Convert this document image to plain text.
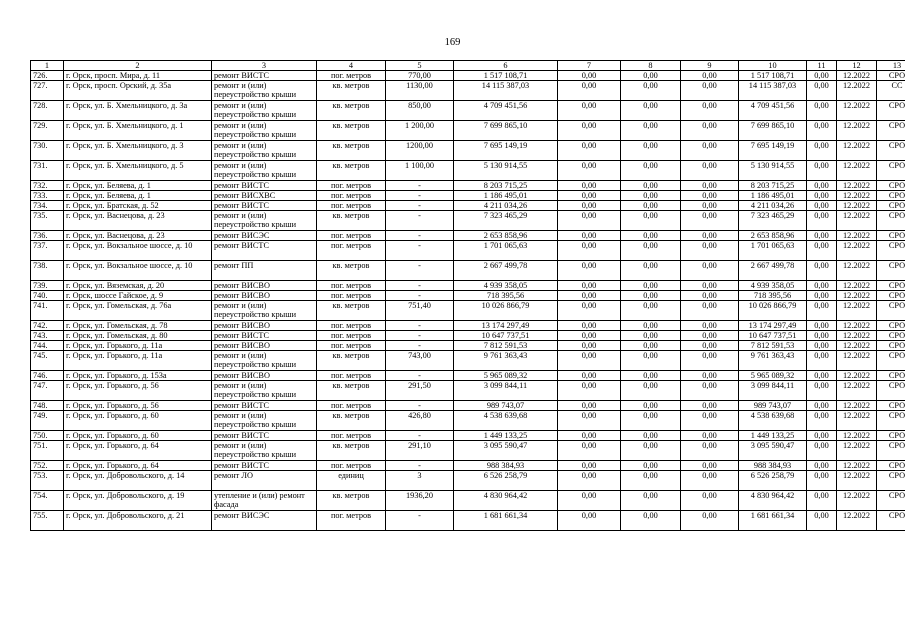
169
1	2	3	4	5	6	7	8	9	10	11	12	13
726.	г. Орск, просп. Мира, д. 11	ремонт ВИСТС	пог. метров	770,00	1 517 108,71	0,00	0,00	0,00	1 517 108,71	0,00	12.2022	СРО
727.	г. Орск, просп. Орский, д. 35а	ремонт и (или) переустройство крыши	кв. метров	1130,00	14 115 387,03	0,00	0,00	0,00	14 115 387,03	0,00	12.2022	СС
728.	г. Орск, ул. Б. Хмельницкого, д. 3а	ремонт и (или) переустройство крыши	кв. метров	850,00	4 709 451,56	0,00	0,00	0,00	4 709 451,56	0,00	12.2022	СРО
729.	г. Орск, ул. Б. Хмельницкого, д. 1	ремонт и (или) переустройство крыши	кв. метров	1 200,00	7 699 865,10	0,00	0,00	0,00	7 699 865,10	0,00	12.2022	СРО
730.	г. Орск, ул. Б. Хмельницкого, д. 3	ремонт и (или) переустройство крыши	кв. метров	1200,00	7 695 149,19	0,00	0,00	0,00	7 695 149,19	0,00	12.2022	СРО
731.	г. Орск, ул. Б. Хмельницкого, д. 5	ремонт и (или) переустройство крыши	кв. метров	1 100,00	5 130 914,55	0,00	0,00	0,00	5 130 914,55	0,00	12.2022	СРО
732.	г. Орск, ул. Беляева, д. 1	ремонт ВИСТС	пог. метров	-	8 203 715,25	0,00	0,00	0,00	8 203 715,25	0,00	12.2022	СРО
733.	г. Орск, ул. Беляева, д. 1	ремонт ВИСХВС	пог. метров	-	1 186 495,01	0,00	0,00	0,00	1 186 495,01	0,00	12.2022	СРО
734.	г. Орск, ул. Братская, д. 52	ремонт ВИСТС	пог. метров	-	4 211 034,26	0,00	0,00	0,00	4 211 034,26	0,00	12.2022	СРО
735.	г. Орск, ул. Васнецова, д. 23	ремонт и (или) переустройство крыши	кв. метров	-	7 323 465,29	0,00	0,00	0,00	7 323 465,29	0,00	12.2022	СРО
736.	г. Орск, ул. Васнецова, д. 23	ремонт ВИСЭС	пог. метров	-	2 653 858,96	0,00	0,00	0,00	2 653 858,96	0,00	12.2022	СРО
737.	г. Орск, ул. Вокзальное шоссе, д. 10	ремонт ВИСТС	пог. метров	-	1 701 065,63	0,00	0,00	0,00	1 701 065,63	0,00	12.2022	СРО
738.	г. Орск, ул. Вокзальное шоссе, д. 10	ремонт ПП	кв. метров	-	2 667 499,78	0,00	0,00	0,00	2 667 499,78	0,00	12.2022	СРО
739.	г. Орск, ул. Вяземская, д. 20	ремонт ВИСВО	пог. метров	-	4 939 358,05	0,00	0,00	0,00	4 939 358,05	0,00	12.2022	СРО
740.	г. Орск, шоссе Гайское, д. 9	ремонт ВИСВО	пог. метров	-	718 395,56	0,00	0,00	0,00	718 395,56	0,00	12.2022	СРО
741.	г. Орск, ул. Гомельская, д. 76а	ремонт и (или) переустройство крыши	кв. метров	751,40	10 026 866,79	0,00	0,00	0,00	10 026 866,79	0,00	12.2022	СРО
742.	г. Орск, ул. Гомельская, д. 78	ремонт ВИСВО	пог. метров	-	13 174 297,49	0,00	0,00	0,00	13 174 297,49	0,00	12.2022	СРО
743.	г. Орск, ул. Гомельская, д. 80	ремонт ВИСТС	пог. метров	-	10 647 737,51	0,00	0,00	0,00	10 647 737,51	0,00	12.2022	СРО
744.	г. Орск, ул. Горького, д. 11а	ремонт ВИСВО	пог. метров	-	7 812 591,53	0,00	0,00	0,00	7 812 591,53	0,00	12.2022	СРО
745.	г. Орск, ул. Горького, д. 11а	ремонт и (или) переустройство крыши	кв. метров	743,00	9 761 363,43	0,00	0,00	0,00	9 761 363,43	0,00	12.2022	СРО
746.	г. Орск, ул. Горького, д. 153а	ремонт ВИСВО	пог. метров	-	5 965 089,32	0,00	0,00	0,00	5 965 089,32	0,00	12.2022	СРО
747.	г. Орск, ул. Горького, д. 56	ремонт и (или) переустройство крыши	кв. метров	291,50	3 099 844,11	0,00	0,00	0,00	3 099 844,11	0,00	12.2022	СРО
748.	г. Орск, ул. Горького, д. 56	ремонт ВИСТС	пог. метров	-	989 743,07	0,00	0,00	0,00	989 743,07	0,00	12.2022	СРО
749.	г. Орск, ул. Горького, д. 60	ремонт и (или) переустройство крыши	кв. метров	426,80	4 538 639,68	0,00	0,00	0,00	4 538 639,68	0,00	12.2022	СРО
750.	г. Орск, ул. Горького, д. 60	ремонт ВИСТС	пог. метров	-	1 449 133,25	0,00	0,00	0,00	1 449 133,25	0,00	12.2022	СРО
751.	г. Орск, ул. Горького, д. 64	ремонт и (или) переустройство крыши	кв. метров	291,10	3 095 590,47	0,00	0,00	0,00	3 095 590,47	0,00	12.2022	СРО
752.	г. Орск, ул. Горького, д. 64	ремонт ВИСТС	пог. метров	-	988 384,93	0,00	0,00	0,00	988 384,93	0,00	12.2022	СРО
753.	г. Орск, ул. Добровольского, д. 14	ремонт ЛО	единиц	3	6 526 258,79	0,00	0,00	0,00	6 526 258,79	0,00	12.2022	СРО
754.	г. Орск, ул. Добровольского, д. 19	утепление и (или) ремонт фасада	кв. метров	1936,20	4 830 964,42	0,00	0,00	0,00	4 830 964,42	0,00	12.2022	СРО
755.	г. Орск, ул. Добровольского, д. 21	ремонт ВИСЭС	пог. метров	-	1 681 661,34	0,00	0,00	0,00	1 681 661,34	0,00	12.2022	СРО
